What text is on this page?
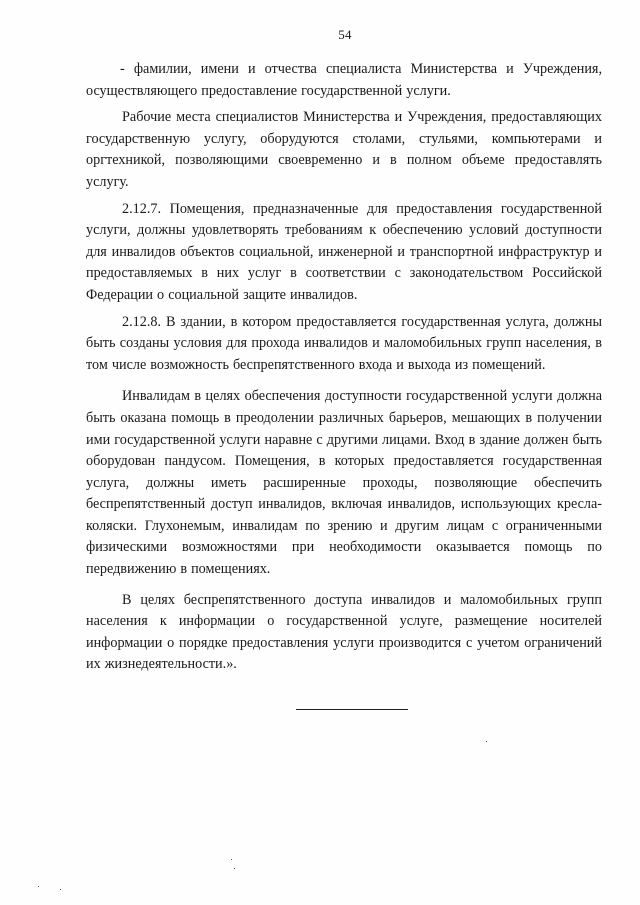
54

- фамилии, имени и отчества специалиста Министерства и Учреждения, осуществляющего предоставление государственной услуги.

Рабочие места специалистов Министерства и Учреждения, предоставляющих государственную услугу, оборудуются столами, стульями, компьютерами и оргтехникой, позволяющими своевременно и в полном объеме предоставлять услугу.

2.12.7. Помещения, предназначенные для предоставления государственной услуги, должны удовлетворять требованиям к обеспечению условий доступности для инвалидов объектов социальной, инженерной и транспортной инфраструктур и предоставляемых в них услуг в соответствии с законодательством Российской Федерации о социальной защите инвалидов.

2.12.8. В здании, в котором предоставляется государственная услуга, должны быть созданы условия для прохода инвалидов и маломобильных групп населения, в том числе возможность беспрепятственного входа и выхода из помещений.

Инвалидам в целях обеспечения доступности государственной услуги должна быть оказана помощь в преодолении различных барьеров, мешающих в получении ими государственной услуги наравне с другими лицами. Вход в здание должен быть оборудован пандусом. Помещения, в которых предоставляется государственная услуга, должны иметь расширенные проходы, позволяющие обеспечить беспрепятственный доступ инвалидов, включая инвалидов, использующих кресла-коляски. Глухонемым, инвалидам по зрению и другим лицам с ограниченными физическими возможностями при необходимости оказывается помощь по передвижению в помещениях.

В целях беспрепятственного доступа инвалидов и маломобильных групп населения к информации о государственной услуге, размещение носителей информации о порядке предоставления услуги производится с учетом ограничений их жизнедеятельности.».
